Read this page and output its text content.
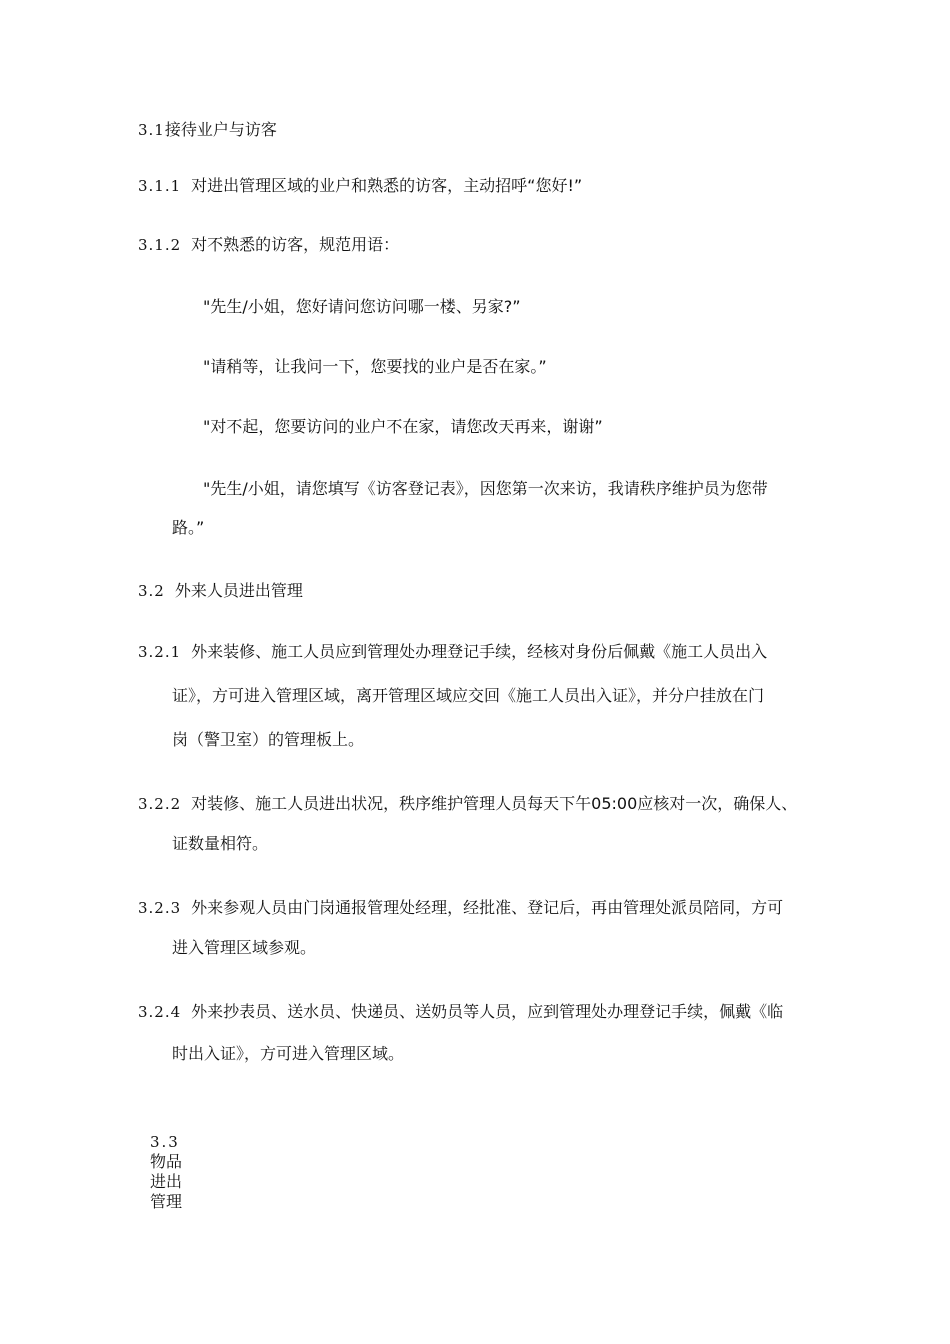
3.1接待业户与访客
3.1.1 对进出管理区域的业户和熟悉的访客，主动招呼“您好!”
3.1.2 对不熟悉的访客，规范用语：
"先生/小姐，您好请问您访问哪一楼、另家?”
"请稍等，让我问一下，您要找的业户是否在家。”
"对不起，您要访问的业户不在家，请您改天再来，谢谢”
"先生/小姐，请您填写《访客登记表》，因您第一次来访，我请秩序维护员为您带
路。”
3.2 外来人员进出管理
3.2.1 外来装修、施工人员应到管理处办理登记手续，经核对身份后佩戴《施工人员出入
证》，方可进入管理区域，离开管理区域应交回《施工人员出入证》，并分户挂放在门
岗（警卫室）的管理板上。
3.2.2 对装修、施工人员进出状况，秩序维护管理人员每天下午05:00应核对一次，确保人、
证数量相符。
3.2.3 外来参观人员由门岗通报管理处经理，经批准、登记后，再由管理处派员陪同，方可
进入管理区域参观。
3.2.4 外来抄表员、送水员、快递员、送奶员等人员，应到管理处办理登记手续，佩戴《临
时出入证》，方可进入管理区域。
3.3
物品
进出
管理
